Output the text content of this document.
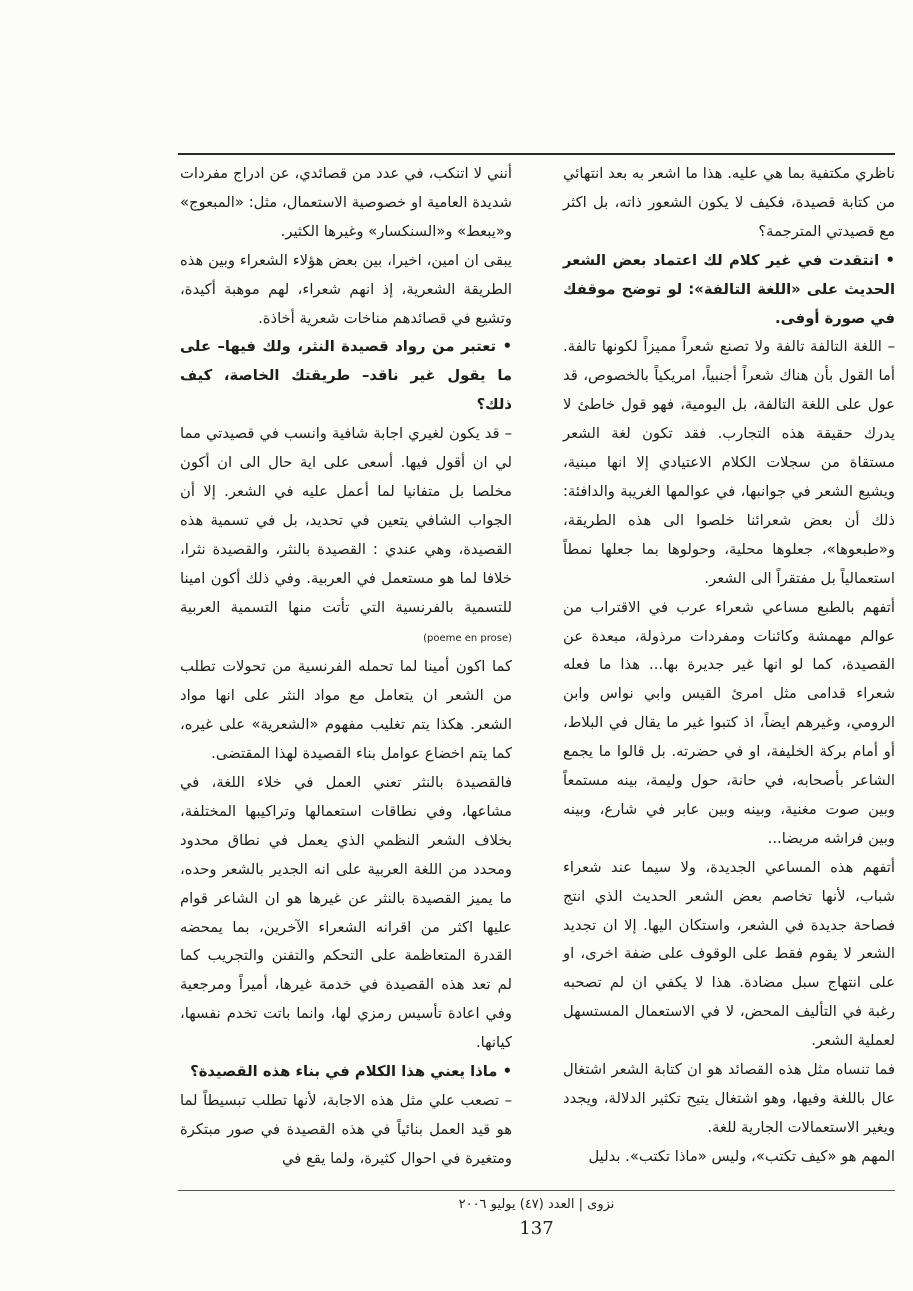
ناظري مكتفية بما هي عليه. هذا ما اشعر به بعد انتهائي من كتابة قصيدة، فكيف لا يكون الشعور ذاته، بل اكثر مع قصيدتي المترجمة؟

• انتقدت في غير كلام لك اعتماد بعض الشعر الحديث على «اللغة التالفة»: لو توضح موقفك في صورة أوفى.

– اللغة التالفة تالفة ولا تصنع شعراً مميزاً لكونها تالفة. أما القول بأن هناك شعراً أجنبياً، امريكياً بالخصوص، قد عول على اللغة التالفة، بل اليومية، فهو قول خاطئ لا يدرك حقيقة هذه التجارب. فقد تكون لغة الشعر مستقاة من سجلات الكلام الاعتيادي إلا انها مبنية، ويشيع الشعر في جوانبها، في عوالمها الغريبة والدافئة: ذلك أن بعض شعرائنا خلصوا الى هذه الطريقة، و«طبعوها»، جعلوها محلية، وحولوها بما جعلها نمطاً استعمالياً بل مفتقراً الى الشعر.

أتفهم بالطبع مساعي شعراء عرب في الاقتراب من عوالم مهمشة وكائنات ومفردات مرذولة، مبعدة عن القصيدة، كما لو انها غير جديرة بها... هذا ما فعله شعراء قدامى مثل امرئ القيس وابي نواس وابن الرومي، وغيرهم ايضاً، اذ كتبوا غير ما يقال في البلاط، أو أمام بركة الخليفة، او في حضرته. بل قالوا ما يجمع الشاعر بأصحابه، في حانة، حول وليمة، بينه مستمعاً وبين صوت مغنية، وبينه وبين عابر في شارع، وبينه وبين فراشه مريضا...

أتفهم هذه المساعي الجديدة، ولا سيما عند شعراء شباب، لأنها تخاصم بعض الشعر الحديث الذي انتج فصاحة جديدة في الشعر، واستكان اليها. إلا ان تجديد الشعر لا يقوم فقط على الوقوف على ضفة اخرى، او على انتهاج سبل مضادة. هذا لا يكفي ان لم تصحبه رغبة في التأليف المحض، لا في الاستعمال المستسهل لعملية الشعر.

فما تنساه مثل هذه القصائد هو ان كتابة الشعر اشتغال عال باللغة وفيها، وهو اشتغال يتيح تكثير الدلالة، ويجدد ويغير الاستعمالات الجارية للغة.

المهم هو «كيف تكتب»، وليس «ماذا تكتب». بدليل

أنني لا اتنكب، في عدد من قصائدي، عن ادراج مفردات شديدة العامية او خصوصية الاستعمال، مثل: «المبعوج» و«يبعط» و«السنكسار» وغيرها الكثير.

يبقى ان امين، اخيرا، بين بعض هؤلاء الشعراء وبين هذه الطريقة الشعرية، إذ انهم شعراء، لهم موهبة أكيدة، وتشيع في قصائدهم مناخات شعرية أخاذة.

• تعتبر من رواد قصيدة النثر، ولك فيها– على ما يقول غير ناقد– طريقتك الخاصة، كيف ذلك؟

– قد يكون لغيري اجابة شافية وانسب في قصيدتي مما لي ان أقول فيها. أسعى على اية حال الى ان أكون مخلصا بل متفانيا لما أعمل عليه في الشعر. إلا أن الجواب الشافي يتعين في تحديد، بل في تسمية هذه القصيدة، وهي عندي : القصيدة بالنثر، والقصيدة نثرا، خلافا لما هو مستعمل في العربية. وفي ذلك أكون امينا للتسمية بالفرنسية التي تأتت منها التسمية العربية (poeme en prose)

كما اكون أمينا لما تحمله الفرنسية من تحولات تطلب من الشعر ان يتعامل مع مواد النثر على انها مواد الشعر. هكذا يتم تغليب مفهوم «الشعرية» على غيره، كما يتم اخضاع عوامل بناء القصيدة لهذا المقتضى.

فالقصيدة بالنثر تعني العمل في خلاء اللغة، في مشاعها، وفي نطاقات استعمالها وتراكيبها المختلفة، بخلاف الشعر النظمي الذي يعمل في نطاق محدود ومحدد من اللغة العربية على انه الجدير بالشعر وحده، ما يميز القصيدة بالنثر عن غيرها هو ان الشاعر قوام عليها اكثر من اقرانه الشعراء الآخرين، بما يمحضه القدرة المتعاظمة على التحكم والتفنن والتجريب كما لم تعد هذه القصيدة في خدمة غيرها، أميراً ومرجعية وفي اعادة تأسيس رمزي لها، وانما باتت تخدم نفسها، كيانها.

• ماذا يعني هذا الكلام في بناء هذه القصيدة؟

– تصعب علي مثل هذه الاجابة، لأنها تطلب تبسيطاً لما هو قيد العمل بنائياً في هذه القصيدة في صور مبتكرة ومتغيرة في احوال كثيرة، ولما يقع في

نزوى | العدد (٤٧) يوليو ٢٠٠٦
137
